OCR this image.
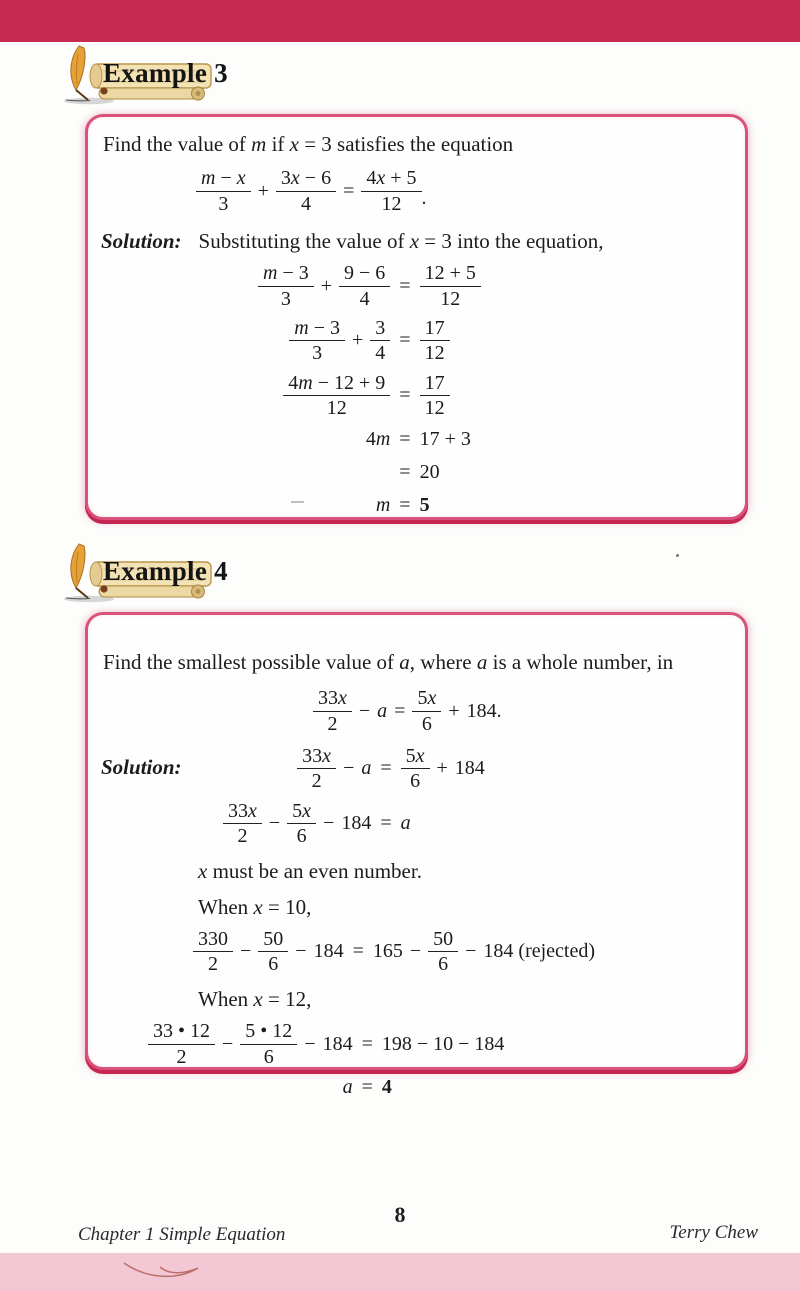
Example 3
Find the value of m if x = 3 satisfies the equation
$\frac{m - x}{3} + \frac{3x - 6}{4} = \frac{4x + 5}{12}$ .
Solution: Substituting the value of x = 3 into the equation,
$\frac{m - 3}{3} + \frac{9 - 6}{4} = \frac{12 + 5}{12}$
$\frac{m - 3}{3} + \frac{3}{4} = \frac{17}{12}$
$\frac{4m - 12 + 9}{12} = \frac{17}{12}$
4 m = 17 + 3
= 20
m = 5
Example 4
Find the smallest possible value of a, where a is a whole number, in
$\frac{33x}{2} - a = \frac{5x}{6} + 184$.
Solution:	$\frac{33x}{2} - a = \frac{5x}{6} + 184$
$\frac{33x}{2} - \frac{5x}{6} - 184 = a$
x must be an even number.
When x = 10,
$\frac{330}{2} - \frac{50}{6} - 184 = 165 - \frac{50}{6} - 184$ (rejected)
When x = 12,
$\frac{33 • 12}{2} - \frac{5 • 12}{6} - 184 = 198 - 10 - 184$
a = 4
8
Chapter 1 Simple Equation	Terry Chew
